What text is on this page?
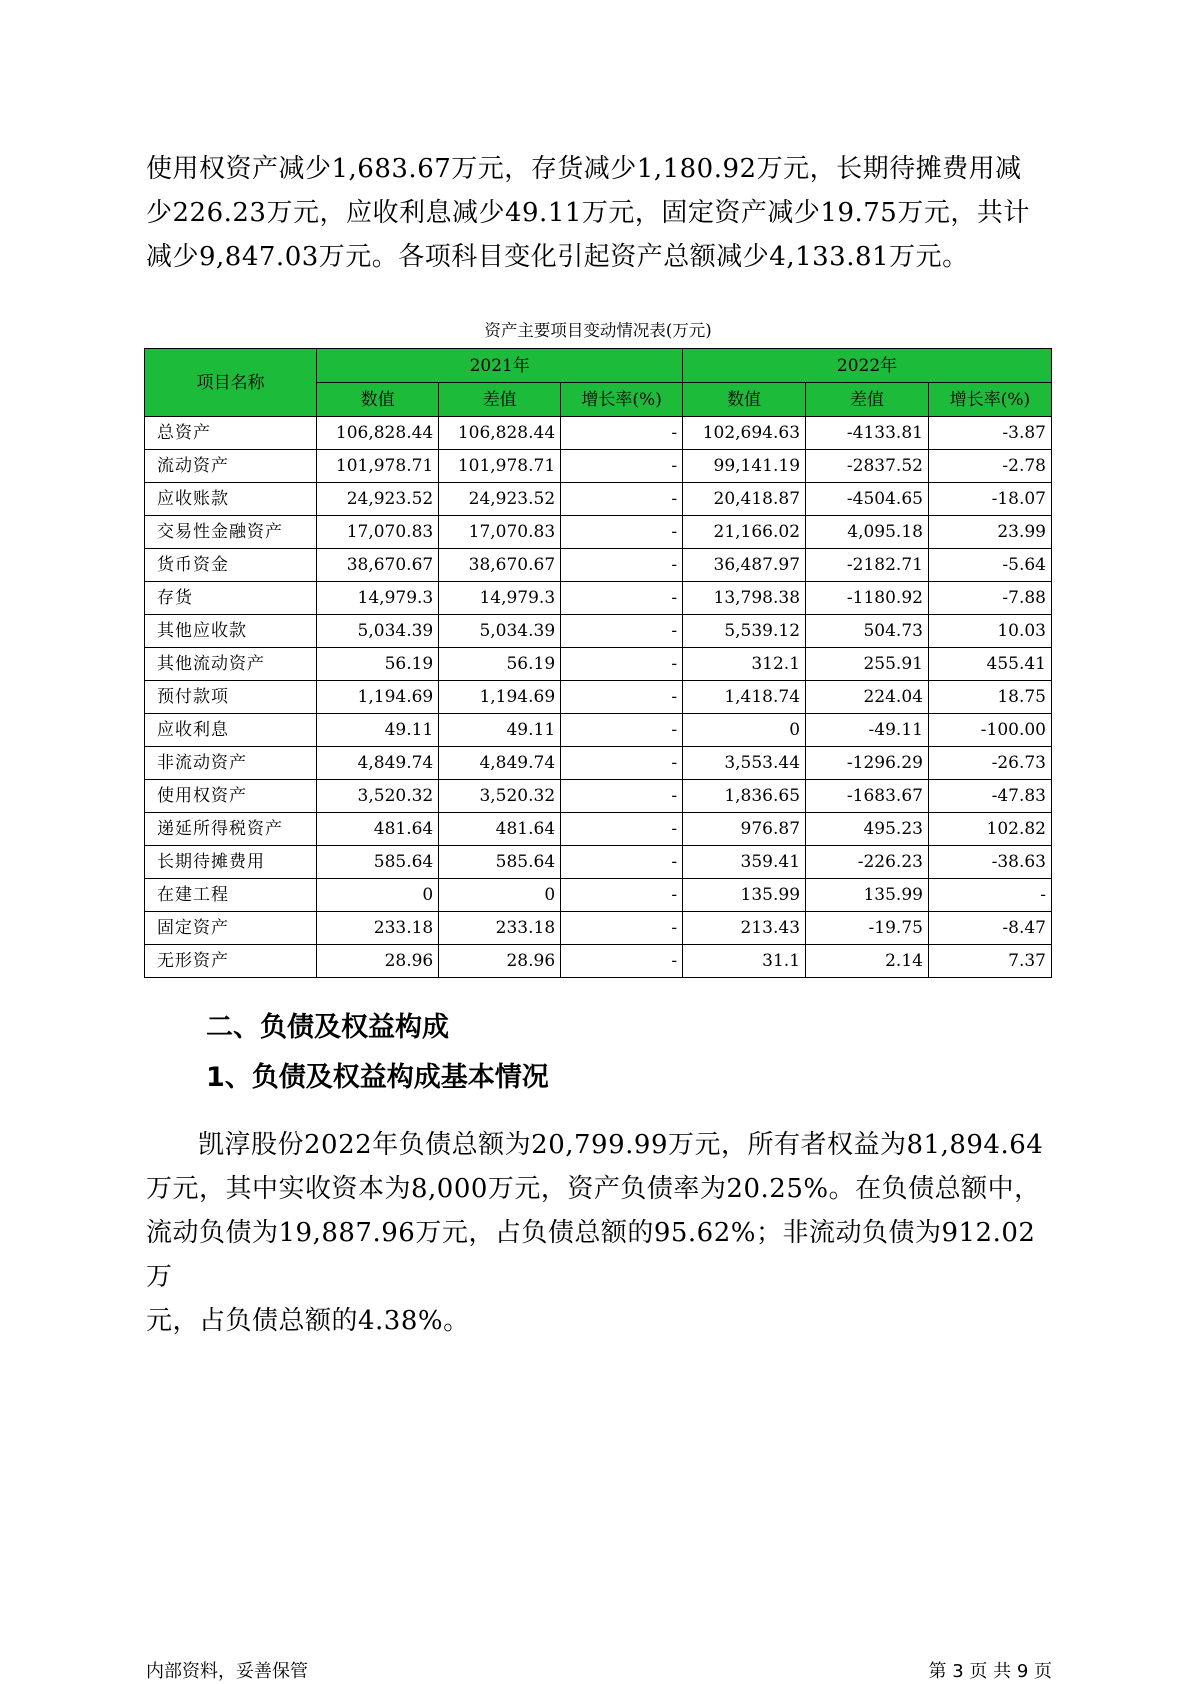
使用权资产减少1,683.67万元，存货减少1,180.92万元，长期待摊费用减
少226.23万元，应收利息减少49.11万元，固定资产减少19.75万元，共计
减少9,847.03万元。各项科目变化引起资产总额减少4,133.81万元。
资产主要项目变动情况表(万元)
项目名称	2021年			2022年		
	数值	差值	增长率(%)	数值	差值	增长率(%)
总资产	106,828.44	106,828.44	-	102,694.63	-4133.81	-3.87
流动资产	101,978.71	101,978.71	-	99,141.19	-2837.52	-2.78
应收账款	24,923.52	24,923.52	-	20,418.87	-4504.65	-18.07
交易性金融资产	17,070.83	17,070.83	-	21,166.02	4,095.18	23.99
货币资金	38,670.67	38,670.67	-	36,487.97	-2182.71	-5.64
存货	14,979.3	14,979.3	-	13,798.38	-1180.92	-7.88
其他应收款	5,034.39	5,034.39	-	5,539.12	504.73	10.03
其他流动资产	56.19	56.19	-	312.1	255.91	455.41
预付款项	1,194.69	1,194.69	-	1,418.74	224.04	18.75
应收利息	49.11	49.11	-	0	-49.11	-100.00
非流动资产	4,849.74	4,849.74	-	3,553.44	-1296.29	-26.73
使用权资产	3,520.32	3,520.32	-	1,836.65	-1683.67	-47.83
递延所得税资产	481.64	481.64	-	976.87	495.23	102.82
长期待摊费用	585.64	585.64	-	359.41	-226.23	-38.63
在建工程	0	0	-	135.99	135.99	-
固定资产	233.18	233.18	-	213.43	-19.75	-8.47
无形资产	28.96	28.96	-	31.1	2.14	7.37
二、负债及权益构成
1、负债及权益构成基本情况
凯淳股份2022年负债总额为20,799.99万元，所有者权益为81,894.64
万元，其中实收资本为8,000万元，资产负债率为20.25%。在负债总额中，
流动负债为19,887.96万元，占负债总额的95.62%；非流动负债为912.02万
元，占负债总额的4.38%。
内部资料，妥善保管	第 3 页 共 9 页
